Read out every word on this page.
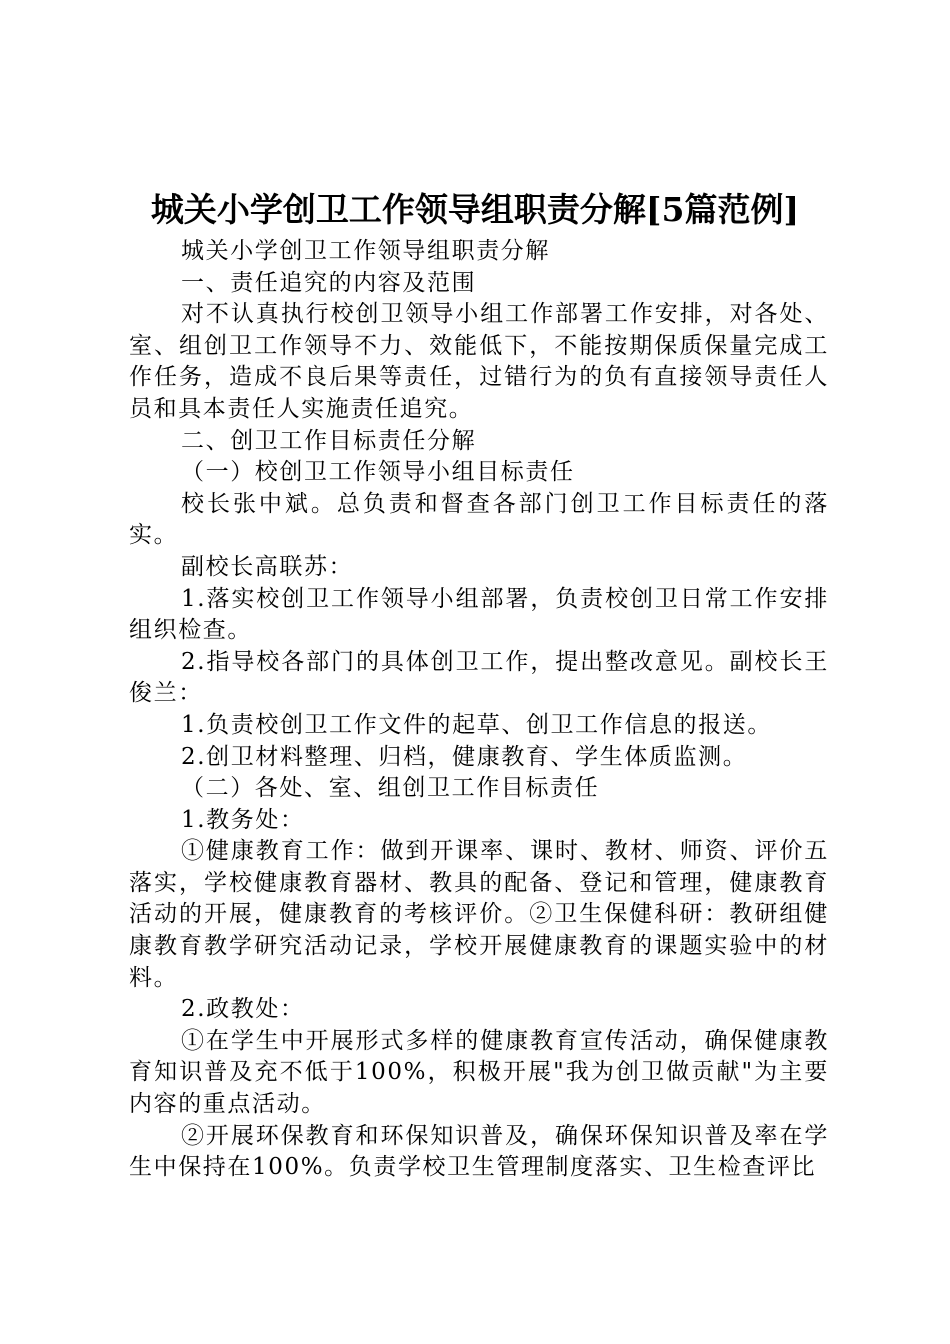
城关小学创卫工作领导组职责分解[5篇范例]

城关小学创卫工作领导组职责分解

一、责任追究的内容及范围

对不认真执行校创卫领导小组工作部署工作安排，对各处、室、组创卫工作领导不力、效能低下，不能按期保质保量完成工作任务，造成不良后果等责任，过错行为的负有直接领导责任人员和具本责任人实施责任追究。

二、创卫工作目标责任分解

（一）校创卫工作领导小组目标责任

校长张中斌。总负责和督查各部门创卫工作目标责任的落实。

副校长高联苏：

1.落实校创卫工作领导小组部署，负责校创卫日常工作安排组织检查。

2.指导校各部门的具体创卫工作，提出整改意见。副校长王俊兰：

1.负责校创卫工作文件的起草、创卫工作信息的报送。

2.创卫材料整理、归档，健康教育、学生体质监测。

（二）各处、室、组创卫工作目标责任

1.教务处：

①健康教育工作：做到开课率、课时、教材、师资、评价五落实，学校健康教育器材、教具的配备、登记和管理，健康教育活动的开展，健康教育的考核评价。②卫生保健科研：教研组健康教育教学研究活动记录，学校开展健康教育的课题实验中的材料。

2.政教处：

①在学生中开展形式多样的健康教育宣传活动，确保健康教育知识普及充不低于100%，积极开展"我为创卫做贡献"为主要内容的重点活动。

②开展环保教育和环保知识普及，确保环保知识普及率在学生中保持在100%。负责学校卫生管理制度落实、卫生检查评比
